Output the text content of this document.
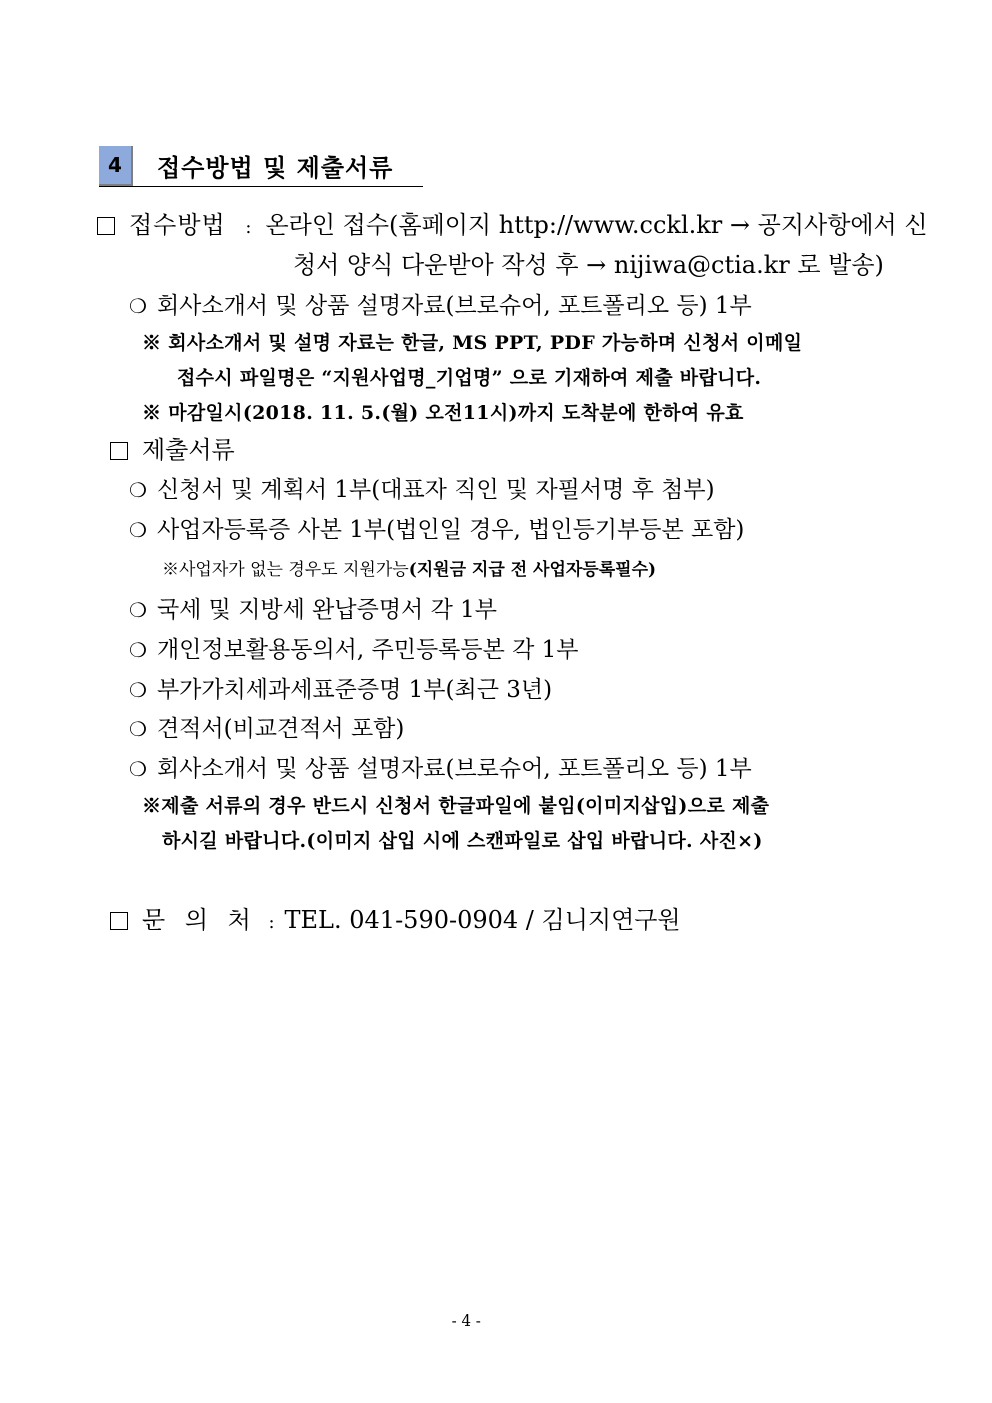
4	접수방법 및 제출서류
접수방법 : 온라인 접수(홈페이지 http://www.cckl.kr → 공지사항에서 신
청서 양식 다운받아 작성 후 → nijiwa@ctia.kr 로 발송)
❍ 회사소개서 및 상품 설명자료(브로슈어, 포트폴리오 등) 1부
※ 회사소개서 및 설명 자료는 한글, MS PPT, PDF 가능하며 신청서 이메일
접수시 파일명은 “지원사업명_기업명” 으로 기재하여 제출 바랍니다.
※ 마감일시(2018. 11. 5.(월) 오전11시)까지 도착분에 한하여 유효
제출서류
❍ 신청서 및 계획서 1부(대표자 직인 및 자필서명 후 첨부)
❍ 사업자등록증 사본 1부(법인일 경우, 법인등기부등본 포함)
※사업자가 없는 경우도 지원가능(지원금 지급 전 사업자등록필수)
❍ 국세 및 지방세 완납증명서 각 1부
❍ 개인정보활용동의서, 주민등록등본 각 1부
❍ 부가가치세과세표준증명 1부(최근 3년)
❍ 견적서(비교견적서 포함)
❍ 회사소개서 및 상품 설명자료(브로슈어, 포트폴리오 등) 1부
※제출 서류의 경우 반드시 신청서 한글파일에 붙임(이미지삽입)으로 제출
하시길 바랍니다.(이미지 삽입 시에 스캔파일로 삽입 바랍니다. 사진×)
문 의 처 : TEL. 041-590-0904 / 김니지연구원
- 4 -
